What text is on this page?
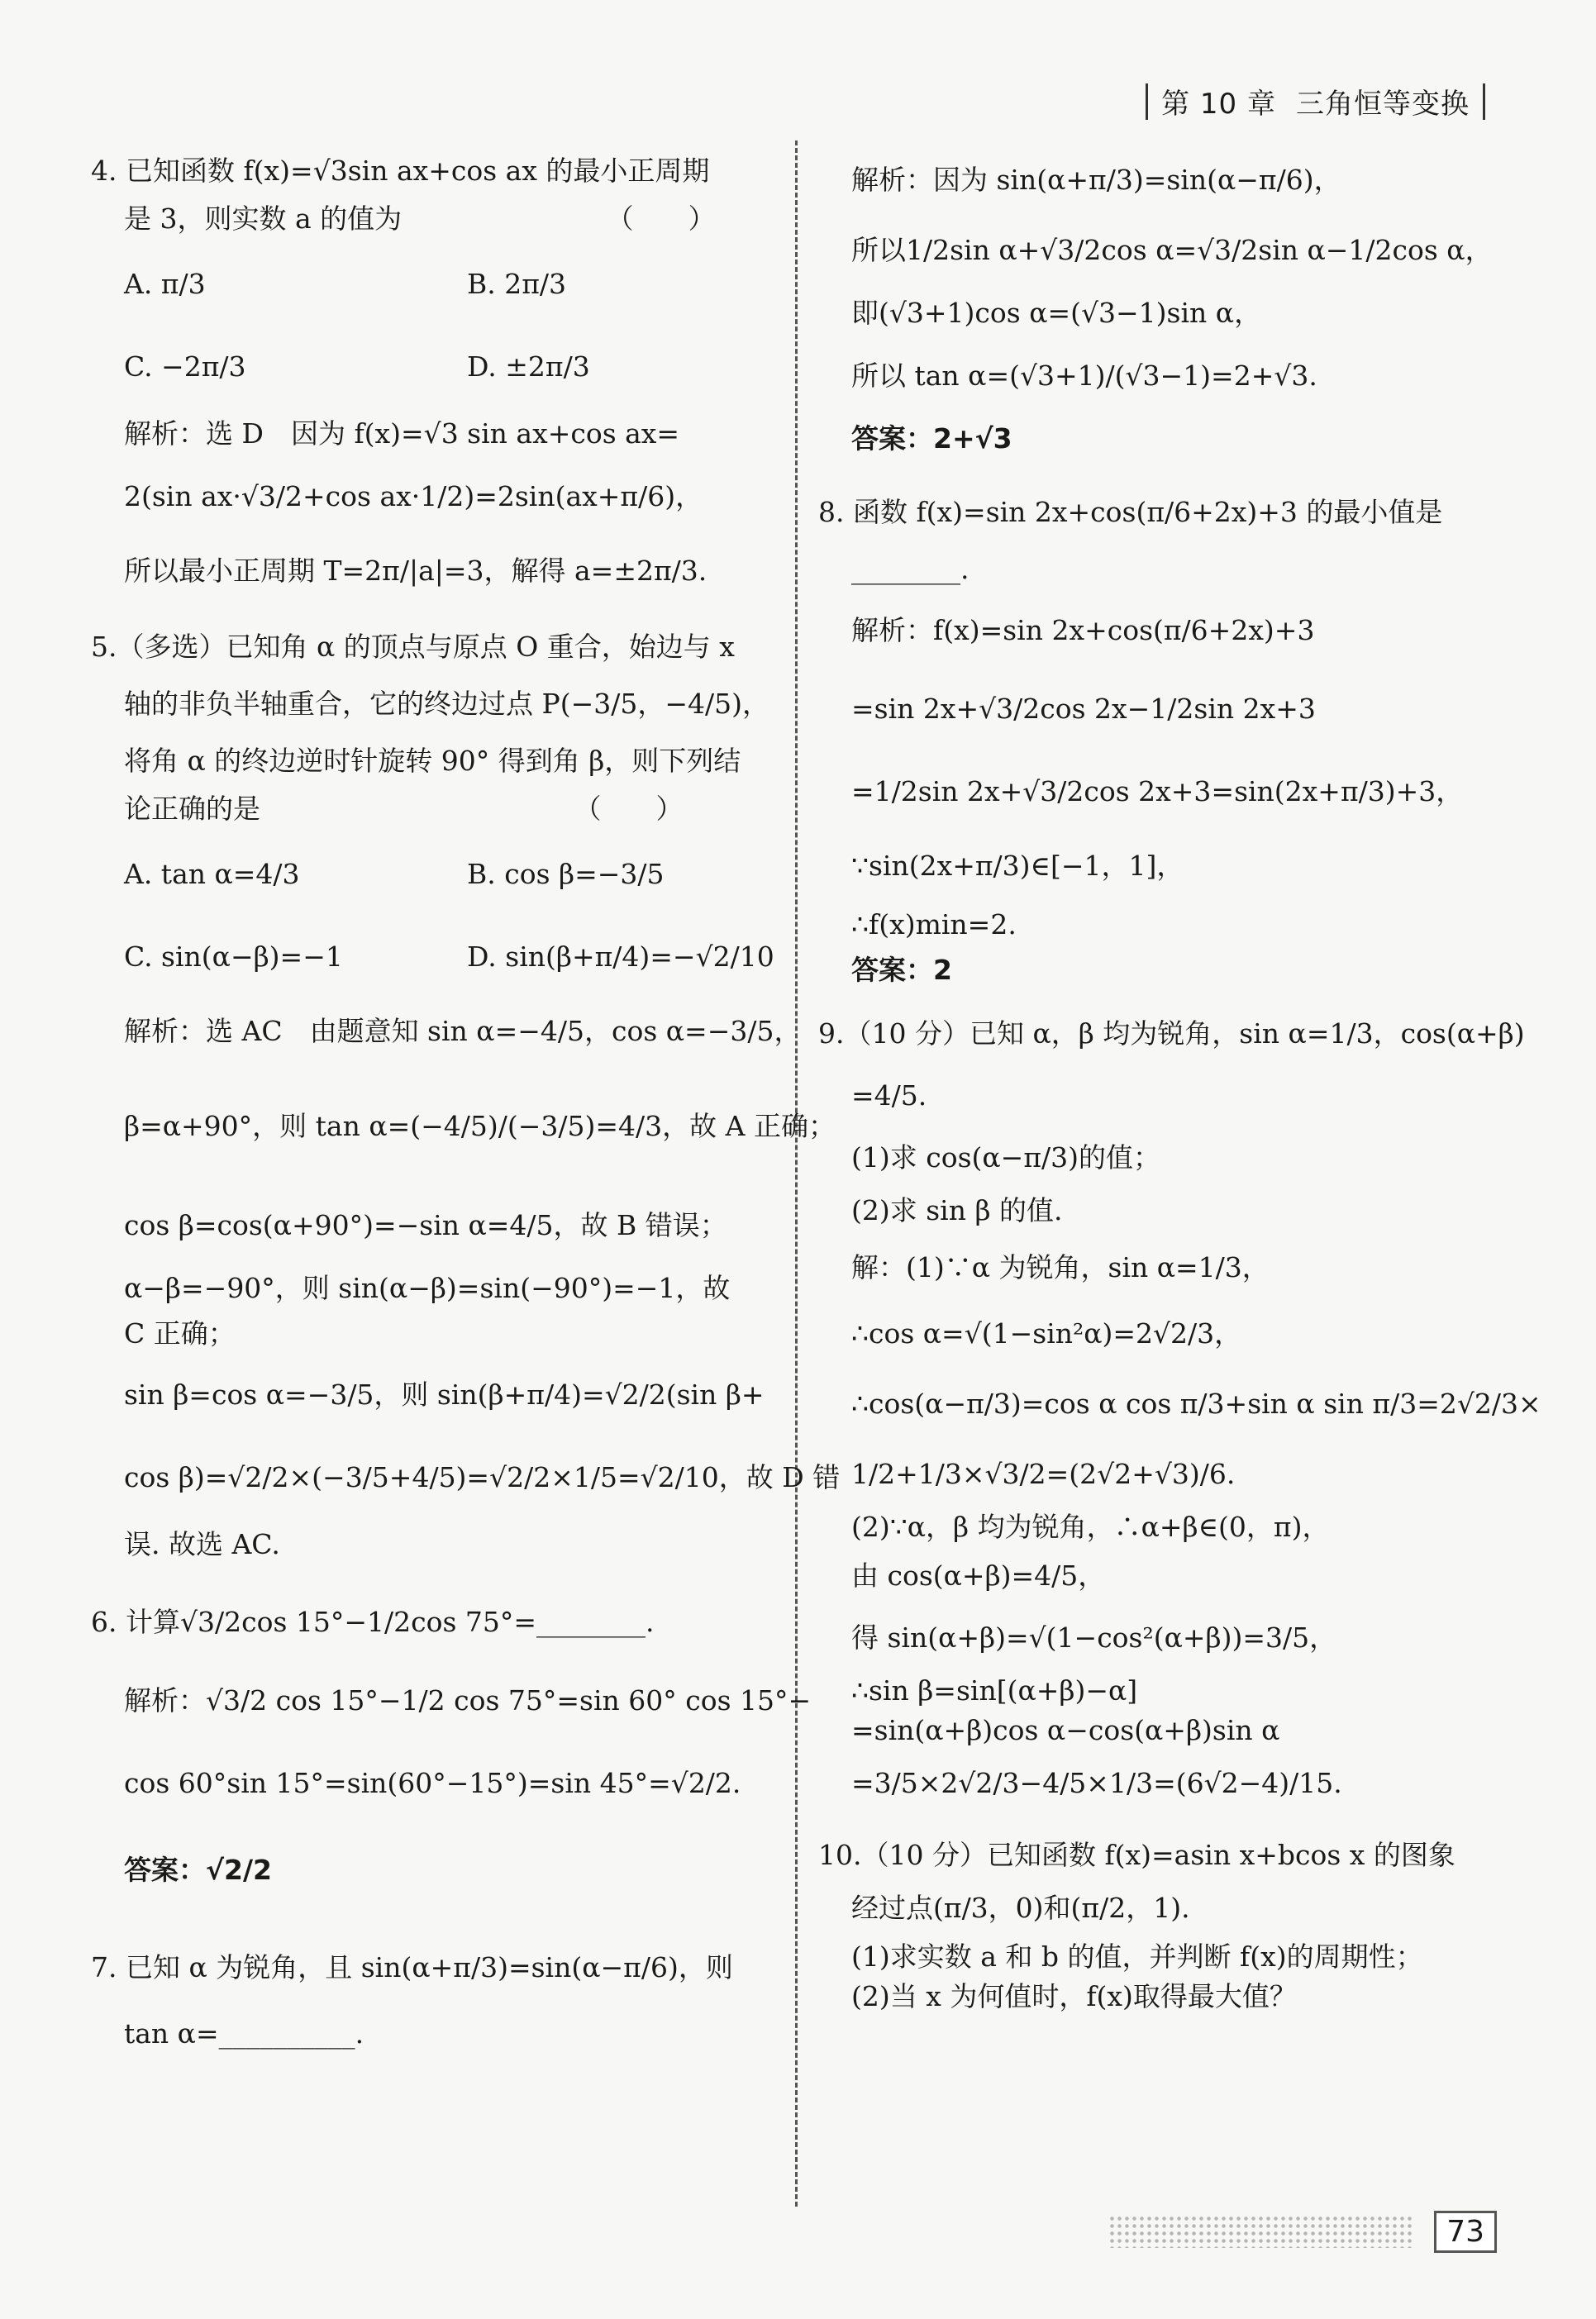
第 10 章 三角恒等变换
4. 已知函数 f(x)=√3sin ax+cos ax 的最小正周期
是 3，则实数 a 的值为　　　　　　　　（　　）
A. π/3	B. 2π/3
C. −2π/3	D. ±2π/3
解析：选 D　因为 f(x)=√3 sin ax+cos ax=
2(sin ax·√3/2+cos ax·1/2)=2sin(ax+π/6)，
所以最小正周期 T=2π/|a|=3，解得 a=±2π/3.
5.（多选）已知角 α 的顶点与原点 O 重合，始边与 x
轴的非负半轴重合，它的终边过点 P(−3/5，−4/5)，
将角 α 的终边逆时针旋转 90° 得到角 β，则下列结
论正确的是　　　　　　　　　　　　（　　）
A. tan α=4/3	B. cos β=−3/5
C. sin(α−β)=−1	D. sin(β+π/4)=−√2/10
解析：选 AC　由题意知 sin α=−4/5，cos α=−3/5，
β=α+90°，则 tan α=(−4/5)/(−3/5)=4/3，故 A 正确；
cos β=cos(α+90°)=−sin α=4/5，故 B 错误；
α−β=−90°，则 sin(α−β)=sin(−90°)=−1，故
C 正确；
sin β=cos α=−3/5，则 sin(β+π/4)=√2/2(sin β+
cos β)=√2/2×(−3/5+4/5)=√2/2×1/5=√2/10，故 D 错
误. 故选 AC.
6. 计算√3/2cos 15°−1/2cos 75°=________.
解析：√3/2 cos 15°−1/2 cos 75°=sin 60° cos 15°−
cos 60°sin 15°=sin(60°−15°)=sin 45°=√2/2.
答案：√2/2
7. 已知 α 为锐角，且 sin(α+π/3)=sin(α−π/6)，则
tan α=__________.
解析：因为 sin(α+π/3)=sin(α−π/6)，
所以1/2sin α+√3/2cos α=√3/2sin α−1/2cos α，
即(√3+1)cos α=(√3−1)sin α，
所以 tan α=(√3+1)/(√3−1)=2+√3.
答案：2+√3
8. 函数 f(x)=sin 2x+cos(π/6+2x)+3 的最小值是
________.
解析：f(x)=sin 2x+cos(π/6+2x)+3
=sin 2x+√3/2cos 2x−1/2sin 2x+3
=1/2sin 2x+√3/2cos 2x+3=sin(2x+π/3)+3，
∵sin(2x+π/3)∈[−1，1]，
∴f(x)min=2.
答案：2
9.（10 分）已知 α，β 均为锐角，sin α=1/3，cos(α+β)
=4/5.
(1)求 cos(α−π/3)的值；
(2)求 sin β 的值.
解：(1)∵α 为锐角，sin α=1/3，
∴cos α=√(1−sin²α)=2√2/3，
∴cos(α−π/3)=cos α cos π/3+sin α sin π/3=2√2/3×
1/2+1/3×√3/2=(2√2+√3)/6.
(2)∵α，β 均为锐角，∴α+β∈(0，π)，
由 cos(α+β)=4/5，
得 sin(α+β)=√(1−cos²(α+β))=3/5，
∴sin β=sin[(α+β)−α]
=sin(α+β)cos α−cos(α+β)sin α
=3/5×2√2/3−4/5×1/3=(6√2−4)/15.
10.（10 分）已知函数 f(x)=asin x+bcos x 的图象
经过点(π/3，0)和(π/2，1).
(1)求实数 a 和 b 的值，并判断 f(x)的周期性；
(2)当 x 为何值时，f(x)取得最大值？
73
